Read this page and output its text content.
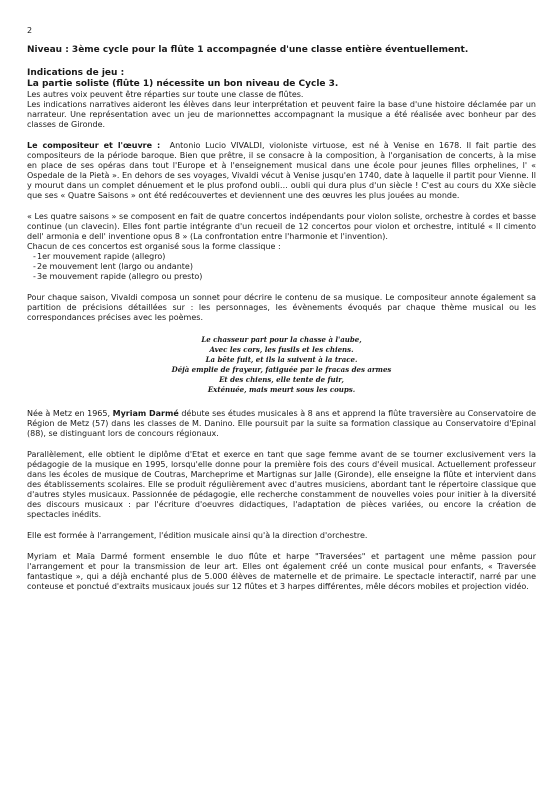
2
Niveau : 3ème cycle pour la flûte 1 accompagnée d'une classe entière éventuellement.
Indications de jeu :
La partie soliste (flûte 1) nécessite un bon niveau de Cycle 3.

Les autres voix peuvent être réparties sur toute une classe de flûtes.

Les indications narratives aideront les élèves dans leur interprétation et peuvent faire la base d'une histoire déclamée par un narrateur. Une représentation avec un jeu de marionnettes accompagnant la musique a été réalisée avec bonheur par des classes de Gironde.

Le compositeur et l'œuvre : Antonio Lucio VIVALDI, violoniste virtuose, est né à Venise en 1678. Il fait partie des compositeurs de la période baroque. Bien que prêtre, il se consacre à la composition, à l'organisation de concerts, à la mise en place de ses opéras dans tout l'Europe et à l'enseignement musical dans une école pour jeunes filles orphelines, l' « Ospedale de la Pietà ». En dehors de ses voyages, Vivaldi vécut à Venise jusqu'en 1740, date à laquelle il partit pour Vienne. Il y mourut dans un complet dénuement et le plus profond oubli… oubli qui dura plus d'un siècle ! C'est au cours du XXe siècle que ses « Quatre Saisons » ont été redécouvertes et deviennent une des œuvres les plus jouées au monde.

« Les quatre saisons » se composent en fait de quatre concertos indépendants pour violon soliste, orchestre à cordes et basse continue (un clavecin). Elles font partie intégrante d'un recueil de 12 concertos pour violon et orchestre, intitulé « Il cimento dell' armonia e dell' inventione opus 8 » (La confrontation entre l'harmonie et l'invention).

Chacun de ces concertos est organisé sous la forme classique :

-1er mouvement rapide (allegro)
-2e mouvement lent (largo ou andante)
-3e mouvement rapide (allegro ou presto)

Pour chaque saison, Vivaldi composa un sonnet pour décrire le contenu de sa musique. Le compositeur annote également sa partition de précisions détaillées sur : les personnages, les évènements évoqués par chaque thème musical ou les correspondances précises avec les poèmes.

Le chasseur part pour la chasse à l'aube,
Avec les cors, les fusils et les chiens.
La bête fuit, et ils la suivent à la trace.
Déjà emplie de frayeur, fatiguée par le fracas des armes
Et des chiens, elle tente de fuir,
Exténuée, mais meurt sous les coups.

Née à Metz en 1965, Myriam Darmé débute ses études musicales à 8 ans et apprend la flûte traversière au Conservatoire de Région de Metz (57) dans les classes de M. Danino. Elle poursuit par la suite sa formation classique au Conservatoire d'Epinal (88), se distinguant lors de concours régionaux.

Parallèlement, elle obtient le diplôme d'Etat et exerce en tant que sage femme avant de se tourner exclusivement vers la pédagogie de la musique en 1995, lorsqu'elle donne pour la première fois des cours d'éveil musical. Actuellement professeur dans les écoles de musique de Coutras, Marcheprime et Martignas sur Jalle (Gironde), elle enseigne la flûte et intervient dans des établissements scolaires. Elle se produit régulièrement avec d'autres musiciens, abordant tant le répertoire classique que d'autres styles musicaux. Passionnée de pédagogie, elle recherche constamment de nouvelles voies pour initier à la diversité des discours musicaux : par l'écriture d'oeuvres didactiques, l'adaptation de pièces variées, ou encore la création de spectacles inédits.

Elle est formée à l'arrangement, l'édition musicale ainsi qu'à la direction d'orchestre.

Myriam et Maïa Darmé forment ensemble le duo flûte et harpe "Traversées" et partagent une même passion pour l'arrangement et pour la transmission de leur art. Elles ont également créé un conte musical pour enfants, « Traversée fantastique », qui a déjà enchanté plus de 5.000 élèves de maternelle et de primaire. Le spectacle interactif, narré par une conteuse et ponctué d'extraits musicaux joués sur 12 flûtes et 3 harpes différentes, mêle décors mobiles et projection vidéo.
